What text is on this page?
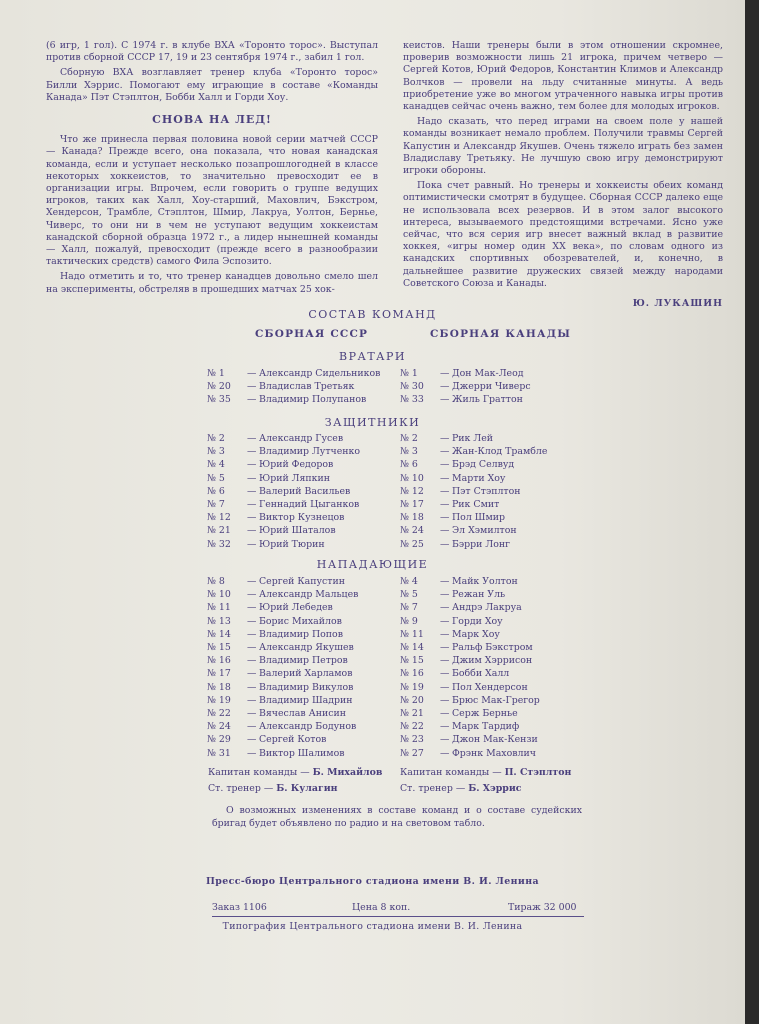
(6 игр, 1 гол). С 1974 г. в клубе ВХА «Торонто торос». Выступал против сборной СССР 17, 19 и 23 сентября 1974 г., забил 1 гол.

Сборную ВХА возглавляет тренер клуба «Торонто торос» Билли Хэррис. Помогают ему играющие в составе «Команды Канада» Пэт Стэплтон, Бобби Халл и Горди Хоу.

СНОВА НА ЛЕД!

Что же принесла первая половина новой серии матчей СССР — Канада? Прежде всего, она показала, что новая канадская команда, если и уступает несколько позапрошлогодней в классе некоторых хоккеистов, то значительно превосходит ее в организации игры. Впрочем, если говорить о группе ведущих игроков, таких как Халл, Хоу-старший, Маховлич, Бэкстром, Хендерсон, Трамбле, Стэплтон, Шмир, Лакруа, Уолтон, Бернье, Чиверс, то они ни в чем не уступают ведущим хоккеистам канадской сборной образца 1972 г., а лидер нынешней команды — Халл, пожалуй, превосходит (прежде всего в разнообразии тактических средств) самого Фила Эспозито.

Надо отметить и то, что тренер канадцев довольно смело шел на эксперименты, обстреляв в прошедших матчах 25 хок-

кеистов. Наши тренеры были в этом отношении скромнее, проверив возможности лишь 21 игрока, причем четверо — Сергей Котов, Юрий Федоров, Константин Климов и Александр Волчков — провели на льду считанные минуты. А ведь приобретение уже во многом утраченного навыка игры против канадцев сейчас очень важно, тем более для молодых игроков.

Надо сказать, что перед играми на своем поле у нашей команды возникает немало проблем. Получили травмы Сергей Капустин и Александр Якушев. Очень тяжело играть без замен Владиславу Третьяку. Не лучшую свою игру демонстрируют игроки обороны.

Пока счет равный. Но тренеры и хоккеисты обеих команд оптимистически смотрят в будущее. Сборная СССР далеко еще не использовала всех резервов. И в этом залог высокого интереса, вызываемого предстоящими встречами. Ясно уже сейчас, что вся серия игр внесет важный вклад в развитие хоккея, «игры номер один XX века», по словам одного из канадских спортивных обозревателей, и, конечно, в дальнейшее развитие дружеских связей между народами Советского Союза и Канады.

Ю. ЛУКАШИН
СОСТАВ КОМАНД
СБОРНАЯ СССР	СБОРНАЯ КАНАДЫ
ВРАТАРИ
№ 1	— Александр Сидельников
№ 20	— Владислав Третьяк
№ 35	— Владимир Полупанов
№ 1	— Дон Мак-Леод
№ 30	— Джерри Чиверс
№ 33	— Жиль Граттон
ЗАЩИТНИКИ
№ 2	— Александр Гусев
№ 3	— Владимир Лутченко
№ 4	— Юрий Федоров
№ 5	— Юрий Ляпкин
№ 6	— Валерий Васильев
№ 7	— Геннадий Цыганков
№ 12	— Виктор Кузнецов
№ 21	— Юрий Шаталов
№ 32	— Юрий Тюрин
№ 2	— Рик Лей
№ 3	— Жан-Клод Трамбле
№ 6	— Брэд Селвуд
№ 10	— Марти Хоу
№ 12	— Пэт Стэплтон
№ 17	— Рик Смит
№ 18	— Пол Шмир
№ 24	— Эл Хэмилтон
№ 25	— Бэрри Лонг
НАПАДАЮЩИЕ
№ 8	— Сергей Капустин
№ 10	— Александр Мальцев
№ 11	— Юрий Лебедев
№ 13	— Борис Михайлов
№ 14	— Владимир Попов
№ 15	— Александр Якушев
№ 16	— Владимир Петров
№ 17	— Валерий Харламов
№ 18	— Владимир Викулов
№ 19	— Владимир Шадрин
№ 22	— Вячеслав Анисин
№ 24	— Александр Бодунов
№ 29	— Сергей Котов
№ 31	— Виктор Шалимов
№ 4	— Майк Уолтон
№ 5	— Режан Уль
№ 7	— Андрэ Лакруа
№ 9	— Горди Хоу
№ 11	— Марк Хоу
№ 14	— Ральф Бэкстром
№ 15	— Джим Хэррисон
№ 16	— Бобби Халл
№ 19	— Пол Хендерсон
№ 20	— Брюс Мак-Грегор
№ 21	— Серж Бернье
№ 22	— Марк Тардиф
№ 23	— Джон Мак-Кензи
№ 27	— Фрэнк Маховлич
Капитан команды — Б. Михайлов
Ст. тренер — Б. Кулагин
Капитан команды — П. Стэплтон
Ст. тренер — Б. Хэррис
О возможных изменениях в составе команд и о составе судейских бригад будет объявлено по радио и на световом табло.
Пресс-бюро Центрального стадиона имени В. И. Ленина
Заказ 1106	Цена 8 коп.	Тираж 32 000
Типография Центрального стадиона имени В. И. Ленина
